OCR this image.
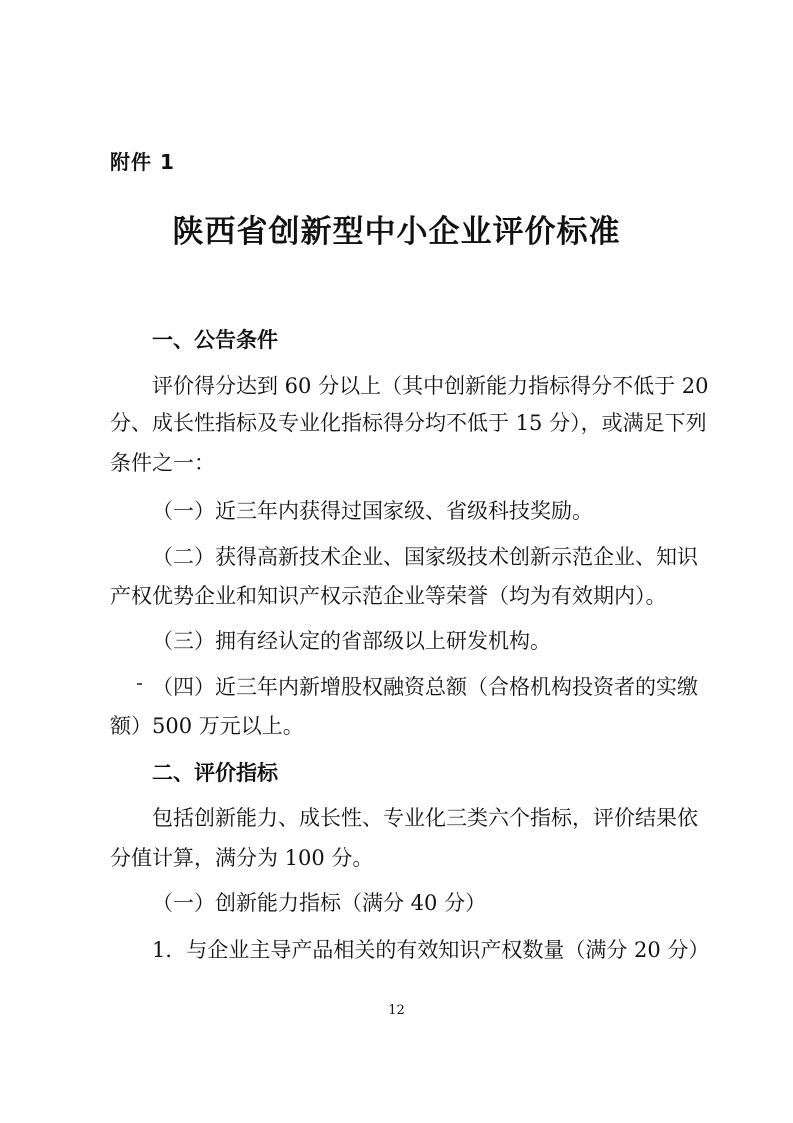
附件 1
陕西省创新型中小企业评价标准
一、公告条件
评价得分达到 60 分以上（其中创新能力指标得分不低于 20
分、成长性指标及专业化指标得分均不低于 15 分），或满足下列
条件之一：
（一）近三年内获得过国家级、省级科技奖励。
（二）获得高新技术企业、国家级技术创新示范企业、知识
产权优势企业和知识产权示范企业等荣誉（均为有效期内）。
（三）拥有经认定的省部级以上研发机构。
（四）近三年内新增股权融资总额（合格机构投资者的实缴
额）500 万元以上。
二、评价指标
包括创新能力、成长性、专业化三类六个指标，评价结果依
分值计算，满分为 100 分。
（一）创新能力指标（满分 40 分）
1．与企业主导产品相关的有效知识产权数量（满分 20 分）
12
